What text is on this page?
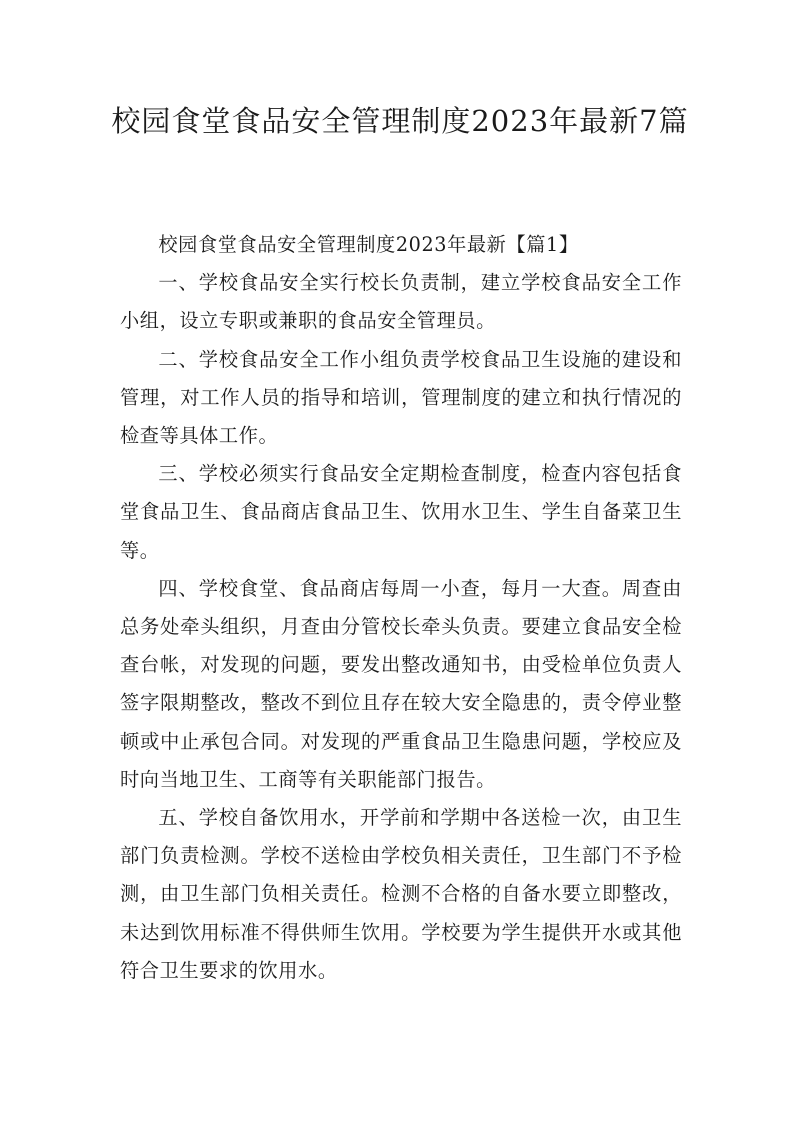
校园食堂食品安全管理制度2023年最新7篇

校园食堂食品安全管理制度2023年最新【篇1】

一、学校食品安全实行校长负责制，建立学校食品安全工作小组，设立专职或兼职的食品安全管理员。

二、学校食品安全工作小组负责学校食品卫生设施的建设和管理，对工作人员的指导和培训，管理制度的建立和执行情况的检查等具体工作。

三、学校必须实行食品安全定期检查制度，检查内容包括食堂食品卫生、食品商店食品卫生、饮用水卫生、学生自备菜卫生等。

四、学校食堂、食品商店每周一小查，每月一大查。周查由总务处牵头组织，月查由分管校长牵头负责。要建立食品安全检查台帐，对发现的问题，要发出整改通知书，由受检单位负责人签字限期整改，整改不到位且存在较大安全隐患的，责令停业整顿或中止承包合同。对发现的严重食品卫生隐患问题，学校应及时向当地卫生、工商等有关职能部门报告。

五、学校自备饮用水，开学前和学期中各送检一次，由卫生部门负责检测。学校不送检由学校负相关责任，卫生部门不予检测，由卫生部门负相关责任。检测不合格的自备水要立即整改，未达到饮用标准不得供师生饮用。学校要为学生提供开水或其他符合卫生要求的饮用水。
